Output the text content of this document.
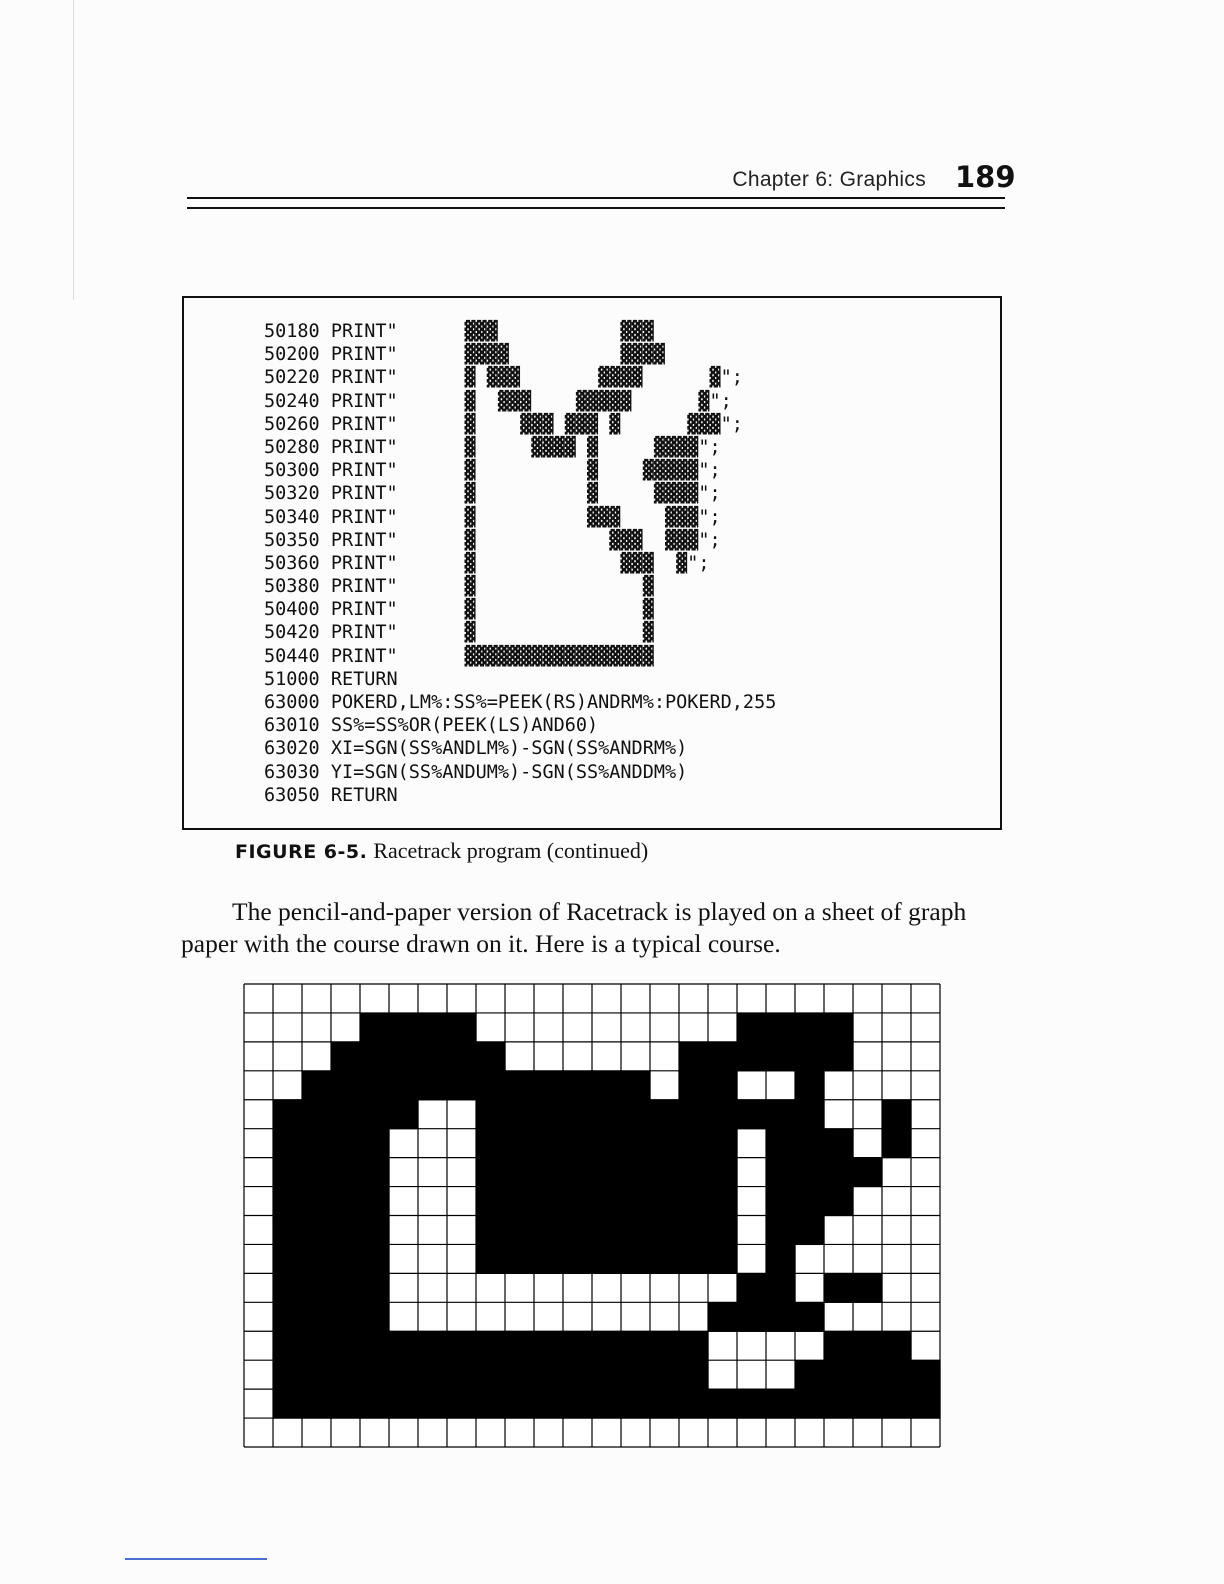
Chapter 6: Graphics 189
50180 PRINT"      ▓▓▓           ▓▓▓
50200 PRINT"      ▓▓▓▓          ▓▓▓▓
50220 PRINT"      ▓ ▓▓▓       ▓▓▓▓      ▓";
50240 PRINT"      ▓  ▓▓▓    ▓▓▓▓▓      ▓";
50260 PRINT"      ▓    ▓▓▓ ▓▓▓ ▓      ▓▓▓";
50280 PRINT"      ▓     ▓▓▓▓ ▓     ▓▓▓▓";
50300 PRINT"      ▓          ▓    ▓▓▓▓▓";
50320 PRINT"      ▓          ▓     ▓▓▓▓";
50340 PRINT"      ▓          ▓▓▓    ▓▓▓";
50350 PRINT"      ▓            ▓▓▓  ▓▓▓";
50360 PRINT"      ▓             ▓▓▓  ▓";
50380 PRINT"      ▓               ▓
50400 PRINT"      ▓               ▓
50420 PRINT"      ▓               ▓
50440 PRINT"      ▓▓▓▓▓▓▓▓▓▓▓▓▓▓▓▓▓
51000 RETURN
63000 POKERD,LM%:SS%=PEEK(RS)ANDRM%:POKERD,255
63010 SS%=SS%OR(PEEK(LS)AND60)
63020 XI=SGN(SS%ANDLM%)-SGN(SS%ANDRM%)
63030 YI=SGN(SS%ANDUM%)-SGN(SS%ANDDM%)
63050 RETURN
FIGURE 6-5. Racetrack program (continued)
The pencil-and-paper version of Racetrack is played on a sheet of graph paper with the course drawn on it. Here is a typical course.
